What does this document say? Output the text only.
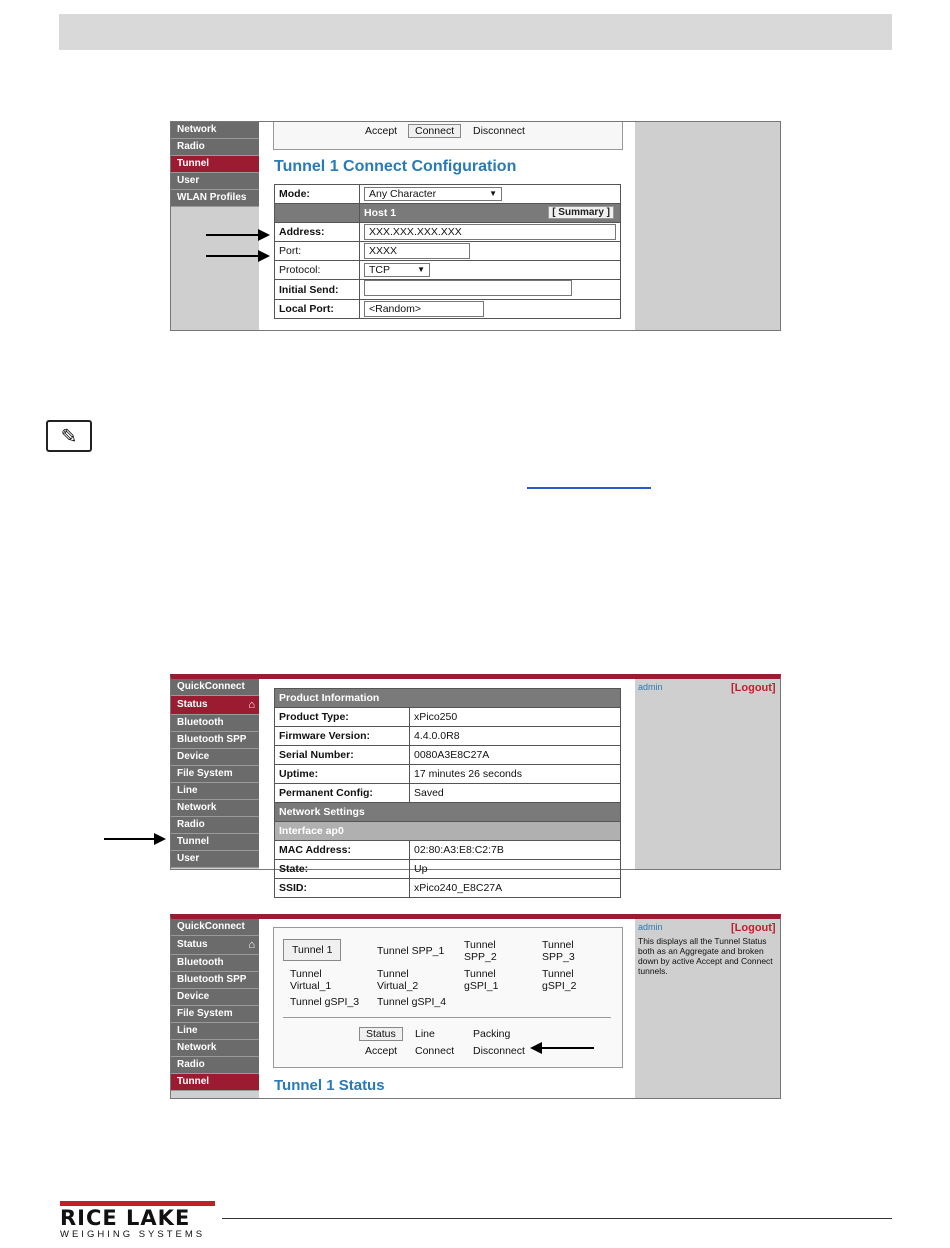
Network
Radio
Tunnel
User
WLAN Profiles
Accept	Connect	Disconnect
Tunnel 1 Connect Configuration
Mode:	Any Character ▼

	Host 1 [ Summary ]

Address:	XXX.XXX.XXX.XXX
Port:	XXXX
Protocol:	TCP ▼

Initial Send:	
Local Port:	<Random>
✎
QuickConnect
Status	⌂
Bluetooth
Bluetooth SPP
Device
File System
Line
Network
Radio
Tunnel
User
admin	[Logout]
Product Information	
Product Type:	xPico250
Firmware Version:	4.4.0.0R8
Serial Number:	0080A3E8C27A
Uptime:	17 minutes 26 seconds
Permanent Config:	Saved
Network Settings	
Interface ap0	
MAC Address:	02:80:A3:E8:C2:7B
State:	Up
SSID:	xPico240_E8C27A
QuickConnect
Status	⌂
Bluetooth
Bluetooth SPP
Device
File System
Line
Network
Radio
Tunnel
admin	[Logout]
This displays all the Tunnel Status both as an Aggregate and broken down by active Accept and Connect tunnels.
Tunnel 1	Tunnel SPP_1 Tunnel SPP_2
Tunnel SPP_3
Tunnel Virtual_1
Tunnel Virtual_2
Tunnel gSPI_1
Tunnel gSPI_2
Tunnel gSPI_3 Tunnel gSPI_4
Status	Line	Packing
Accept Connect Disconnect
Tunnel 1 Status
RICE LAKE
WEIGHING SYSTEMS
